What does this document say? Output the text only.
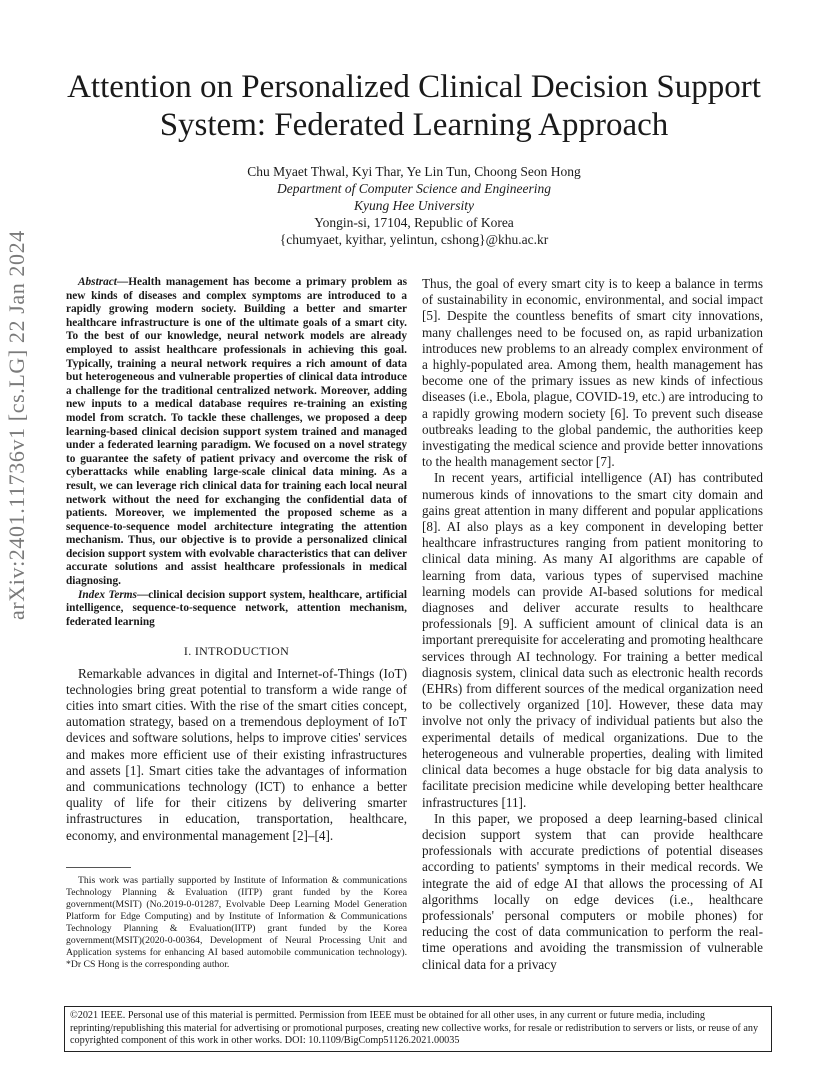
Attention on Personalized Clinical Decision Support System: Federated Learning Approach
Chu Myaet Thwal, Kyi Thar, Ye Lin Tun, Choong Seon Hong
Department of Computer Science and Engineering
Kyung Hee University
Yongin-si, 17104, Republic of Korea
{chumyaet, kyithar, yelintun, cshong}@khu.ac.kr
arXiv:2401.11736v1 [cs.LG] 22 Jan 2024	Abstract—Health management has become a primary problem as new kinds of diseases and complex symptoms are introduced to a rapidly growing modern society. Building a better and smarter healthcare infrastructure is one of the ultimate goals of a smart city. To the best of our knowledge, neural network models are already employed to assist healthcare professionals in achieving this goal. Typically, training a neural network requires a rich amount of data but heterogeneous and vulnerable properties of clinical data introduce a challenge for the traditional centralized network. Moreover, adding new inputs to a medical database requires re-training an existing model from scratch. To tackle these challenges, we proposed a deep learning-based clinical decision support system trained and managed under a federated learning paradigm. We focused on a novel strategy to guarantee the safety of patient privacy and overcome the risk of cyberattacks while enabling large-scale clinical data mining. As a result, we can leverage rich clinical data for training each local neural network without the need for exchanging the confidential data of patients. Moreover, we implemented the proposed scheme as a sequence-to-sequence model architecture integrating the attention mechanism. Thus, our objective is to provide a personalized clinical decision support system with evolvable characteristics that can deliver accurate solutions and assist healthcare professionals in medical diagnosing.

Index Terms—clinical decision support system, healthcare, artificial intelligence, sequence-to-sequence network, attention mechanism, federated learning

I. INTRODUCTION

Remarkable advances in digital and Internet-of-Things (IoT) technologies bring great potential to transform a wide range of cities into smart cities. With the rise of the smart cities concept, automation strategy, based on a tremendous deployment of IoT devices and software solutions, helps to improve cities' services and makes more efficient use of their existing infrastructures and assets [1]. Smart cities take the advantages of information and communications technology (ICT) to enhance a better quality of life for their citizens by delivering smarter infrastructures in education, transportation, healthcare, economy, and environmental management [2]–[4].

This work was partially supported by Institute of Information & communications Technology Planning & Evaluation (IITP) grant funded by the Korea government(MSIT) (No.2019-0-01287, Evolvable Deep Learning Model Generation Platform for Edge Computing) and by Institute of Information & Communications Technology Planning & Evaluation(IITP) grant funded by the Korea government(MSIT)(2020-0-00364, Development of Neural Processing Unit and Application systems for enhancing AI based automobile communication technology). *Dr CS Hong is the corresponding author.

Thus, the goal of every smart city is to keep a balance in terms of sustainability in economic, environmental, and social impact [5]. Despite the countless benefits of smart city innovations, many challenges need to be focused on, as rapid urbanization introduces new problems to an already complex environment of a highly-populated area. Among them, health management has become one of the primary issues as new kinds of infectious diseases (i.e., Ebola, plague, COVID-19, etc.) are introducing to a rapidly growing modern society [6]. To prevent such disease outbreaks leading to the global pandemic, the authorities keep investigating the medical science and provide better innovations to the health management sector [7].

In recent years, artificial intelligence (AI) has contributed numerous kinds of innovations to the smart city domain and gains great attention in many different and popular applications [8]. AI also plays as a key component in developing better healthcare infrastructures ranging from patient monitoring to clinical data mining. As many AI algorithms are capable of learning from data, various types of supervised machine learning models can provide AI-based solutions for medical diagnoses and deliver accurate results to healthcare professionals [9]. A sufficient amount of clinical data is an important prerequisite for accelerating and promoting healthcare services through AI technology. For training a better medical diagnosis system, clinical data such as electronic health records (EHRs) from different sources of the medical organization need to be collectively organized [10]. However, these data may involve not only the privacy of individual patients but also the experimental details of medical organizations. Due to the heterogeneous and vulnerable properties, dealing with limited clinical data becomes a huge obstacle for big data analysis to facilitate precision medicine while developing better healthcare infrastructures [11].

In this paper, we proposed a deep learning-based clinical decision support system that can provide healthcare professionals with accurate predictions of potential diseases according to patients' symptoms in their medical records. We integrate the aid of edge AI that allows the processing of AI algorithms locally on edge devices (i.e., healthcare professionals' personal computers or mobile phones) for reducing the cost of data communication to perform the real-time operations and avoiding the transmission of vulnerable clinical data for a privacy

©2021 IEEE. Personal use of this material is permitted. Permission from IEEE must be obtained for all other uses, in any current or future media, including reprinting/republishing this material for advertising or promotional purposes, creating new collective works, for resale or redistribution to servers or lists, or reuse of any copyrighted component of this work in other works. DOI: 10.1109/BigComp51126.2021.00035
